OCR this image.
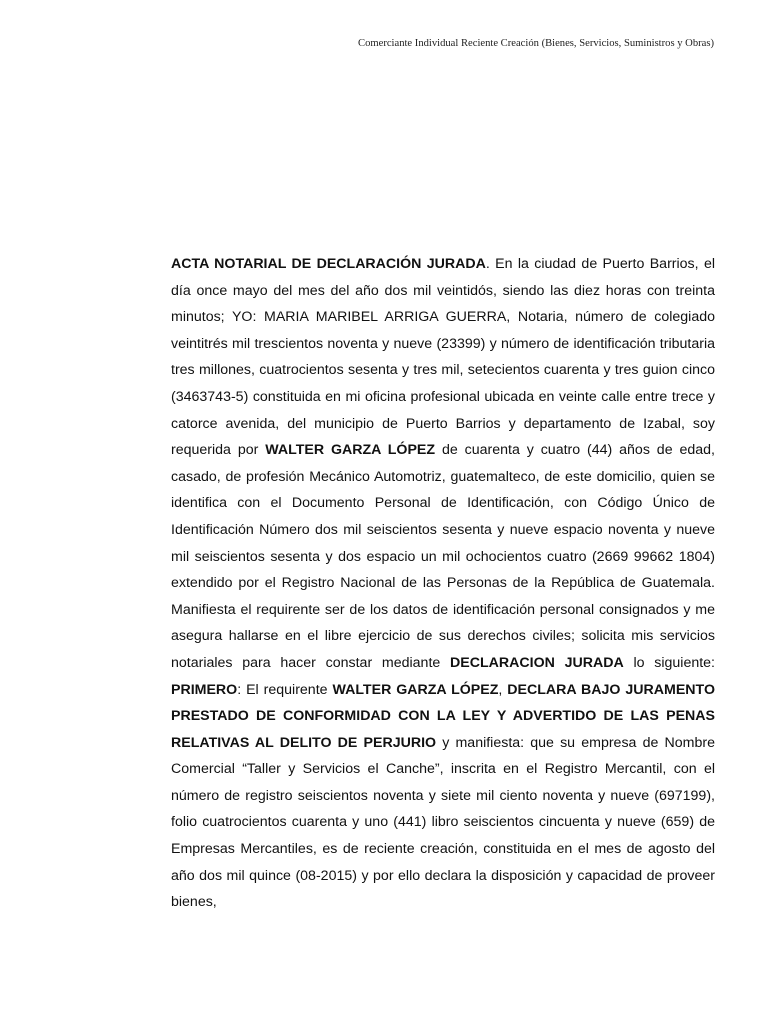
Comerciante Individual Reciente Creación (Bienes, Servicios, Suministros y Obras)

ACTA NOTARIAL DE DECLARACIÓN JURADA. En la ciudad de Puerto Barrios, el día once mayo del mes del año dos mil veintidós, siendo las diez horas con treinta minutos; YO: MARIA MARIBEL ARRIGA GUERRA, Notaria, número de colegiado veintitrés mil trescientos noventa y nueve (23399) y número de identificación tributaria tres millones, cuatrocientos sesenta y tres mil, setecientos cuarenta y tres guion cinco (3463743-5) constituida en mi oficina profesional ubicada en veinte calle entre trece y catorce avenida, del municipio de Puerto Barrios y departamento de Izabal, soy requerida por WALTER GARZA LÓPEZ de cuarenta y cuatro (44) años de edad, casado, de profesión Mecánico Automotriz, guatemalteco, de este domicilio, quien se identifica con el Documento Personal de Identificación, con Código Único de Identificación Número dos mil seiscientos sesenta y nueve espacio noventa y nueve mil seiscientos sesenta y dos espacio un mil ochocientos cuatro (2669 99662 1804) extendido por el Registro Nacional de las Personas de la República de Guatemala. Manifiesta el requirente ser de los datos de identificación personal consignados y me asegura hallarse en el libre ejercicio de sus derechos civiles; solicita mis servicios notariales para hacer constar mediante DECLARACION JURADA lo siguiente: PRIMERO: El requirente WALTER GARZA LÓPEZ, DECLARA BAJO JURAMENTO PRESTADO DE CONFORMIDAD CON LA LEY Y ADVERTIDO DE LAS PENAS RELATIVAS AL DELITO DE PERJURIO y manifiesta: que su empresa de Nombre Comercial “Taller y Servicios el Canche”, inscrita en el Registro Mercantil, con el número de registro seiscientos noventa y siete mil ciento noventa y nueve (697199), folio cuatrocientos cuarenta y uno (441) libro seiscientos cincuenta y nueve (659) de Empresas Mercantiles, es de reciente creación, constituida en el mes de agosto del año dos mil quince (08-2015) y por ello declara la disposición y capacidad de proveer bienes,
